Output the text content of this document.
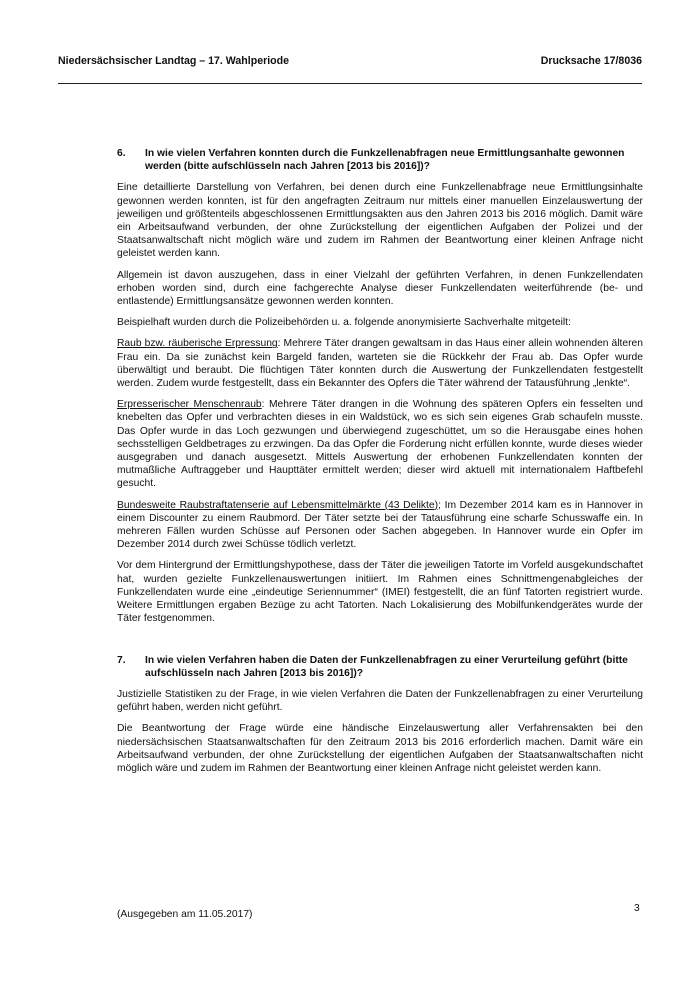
Niedersächsischer Landtag – 17. Wahlperiode	Drucksache 17/8036
6. In wie vielen Verfahren konnten durch die Funkzellenabfragen neue Ermittlungsanhalte gewonnen werden (bitte aufschlüsseln nach Jahren [2013 bis 2016])?

Eine detaillierte Darstellung von Verfahren, bei denen durch eine Funkzellenabfrage neue Ermittlungsinhalte gewonnen werden konnten, ist für den angefragten Zeitraum nur mittels einer manuellen Einzelauswertung der jeweiligen und größtenteils abgeschlossenen Ermittlungsakten aus den Jahren 2013 bis 2016 möglich. Damit wäre ein Arbeitsaufwand verbunden, der ohne Zurückstellung der eigentlichen Aufgaben der Polizei und der Staatsanwaltschaft nicht möglich wäre und zudem im Rahmen der Beantwortung einer kleinen Anfrage nicht geleistet werden kann.

Allgemein ist davon auszugehen, dass in einer Vielzahl der geführten Verfahren, in denen Funkzellendaten erhoben worden sind, durch eine fachgerechte Analyse dieser Funkzellendaten weiterführende (be- und entlastende) Ermittlungsansätze gewonnen werden konnten.

Beispielhaft wurden durch die Polizeibehörden u. a. folgende anonymisierte Sachverhalte mitgeteilt:

Raub bzw. räuberische Erpressung: Mehrere Täter drangen gewaltsam in das Haus einer allein wohnenden älteren Frau ein. Da sie zunächst kein Bargeld fanden, warteten sie die Rückkehr der Frau ab. Das Opfer wurde überwältigt und beraubt. Die flüchtigen Täter konnten durch die Auswertung der Funkzellendaten festgestellt werden. Zudem wurde festgestellt, dass ein Bekannter des Opfers die Täter während der Tatausführung „lenkte“.

Erpresserischer Menschenraub: Mehrere Täter drangen in die Wohnung des späteren Opfers ein fesselten und knebelten das Opfer und verbrachten dieses in ein Waldstück, wo es sich sein eigenes Grab schaufeln musste. Das Opfer wurde in das Loch gezwungen und überwiegend zugeschüttet, um so die Herausgabe eines hohen sechsstelligen Geldbetrages zu erzwingen. Da das Opfer die Forderung nicht erfüllen konnte, wurde dieses wieder ausgegraben und danach ausgesetzt. Mittels Auswertung der erhobenen Funkzellendaten konnten der mutmaßliche Auftraggeber und Haupttäter ermittelt werden; dieser wird aktuell mit internationalem Haftbefehl gesucht.

Bundesweite Raubstraftatenserie auf Lebensmittelmärkte (43 Delikte); Im Dezember 2014 kam es in Hannover in einem Discounter zu einem Raubmord. Der Täter setzte bei der Tatausführung eine scharfe Schusswaffe ein. In mehreren Fällen wurden Schüsse auf Personen oder Sachen abgegeben. In Hannover wurde ein Opfer im Dezember 2014 durch zwei Schüsse tödlich verletzt.

Vor dem Hintergrund der Ermittlungshypothese, dass der Täter die jeweiligen Tatorte im Vorfeld ausgekundschaftet hat, wurden gezielte Funkzellenauswertungen initiiert. Im Rahmen eines Schnittmengenabgleiches der Funkzellendaten wurde eine „eindeutige Seriennummer“ (IMEI) festgestellt, die an fünf Tatorten registriert wurde. Weitere Ermittlungen ergaben Bezüge zu acht Tatorten. Nach Lokalisierung des Mobilfunkendgerätes wurde der Täter festgenommen.

7. In wie vielen Verfahren haben die Daten der Funkzellenabfragen zu einer Verurteilung geführt (bitte aufschlüsseln nach Jahren [2013 bis 2016])?

Justizielle Statistiken zu der Frage, in wie vielen Verfahren die Daten der Funkzellenabfragen zu einer Verurteilung geführt haben, werden nicht geführt.

Die Beantwortung der Frage würde eine händische Einzelauswertung aller Verfahrensakten bei den niedersächsischen Staatsanwaltschaften für den Zeitraum 2013 bis 2016 erforderlich machen. Damit wäre ein Arbeitsaufwand verbunden, der ohne Zurückstellung der eigentlichen Aufgaben der Staatsanwaltschaften nicht möglich wäre und zudem im Rahmen der Beantwortung einer kleinen Anfrage nicht geleistet werden kann.

(Ausgegeben am 11.05.2017)
3
